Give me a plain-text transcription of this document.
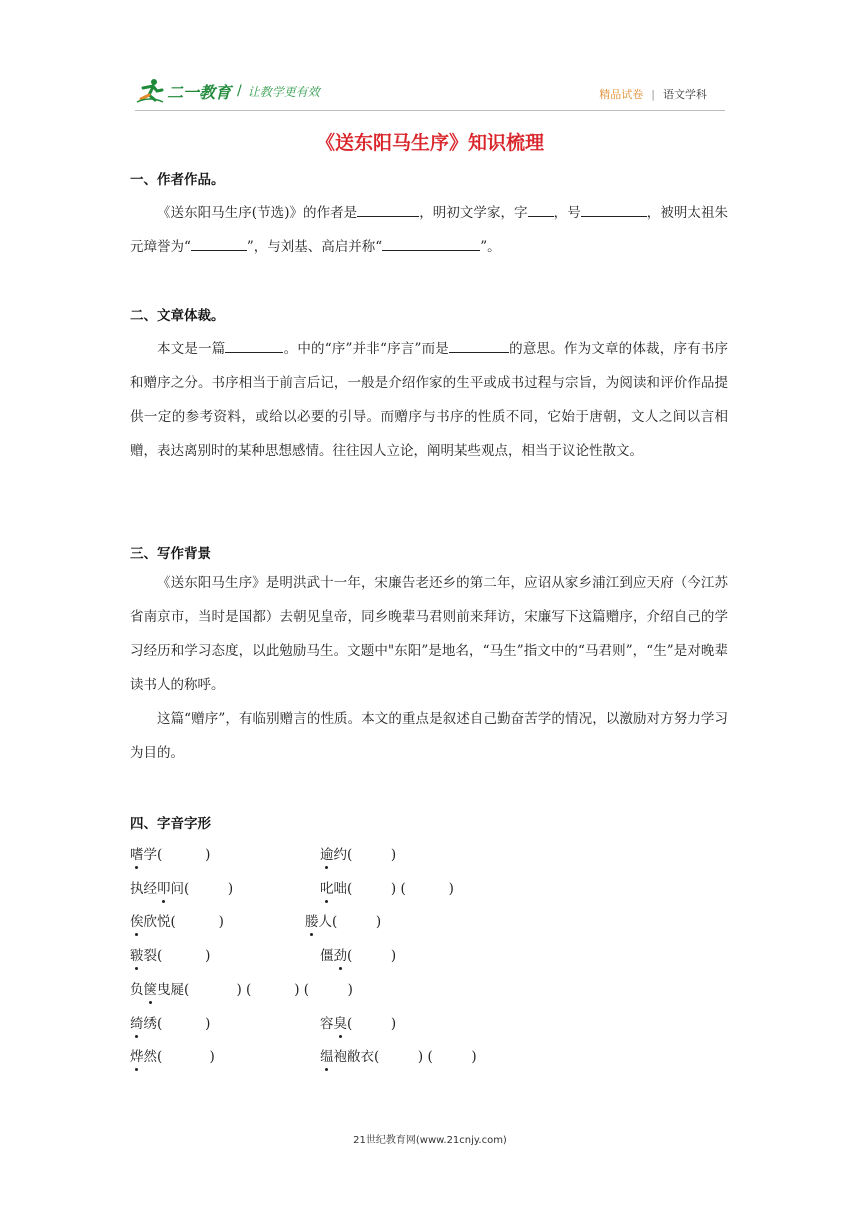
二一教育 / 让教学更有效	精品试卷 | 语文学科
《送东阳马生序》知识梳理
一、作者作品。
《送东阳马生序(节选)》的作者是	，明初文学家，字 ，号	，被明太祖朱元璋誉为“	”，与刘基、高启并称“	”。
二、文章体裁。
本文是一篇	。中的“序”并非“序言”而是	的意思。作为文章的体裁，序有书序和赠序之分。书序相当于前言后记，一般是介绍作家的生平或成书过程与宗旨，为阅读和评价作品提供一定的参考资料，或给以必要的引导。而赠序与书序的性质不同，它始于唐朝，文人之间以言相赠，表达离别时的某种思想感情。往往因人立论，阐明某些观点，相当于议论性散文。
三、写作背景
《送东阳马生序》是明洪武十一年，宋廉告老还乡的第二年，应诏从家乡浦江到应天府（今江苏省南京市，当时是国都）去朝见皇帝，同乡晚辈马君则前来拜访，宋廉写下这篇赠序，介绍自己的学习经历和学习态度，以此勉励马生。文题中"东阳”是地名，“马生”指文中的“马君则”，“生”是对晚辈读书人的称呼。
这篇“赠序”，有临别赠言的性质。本文的重点是叙述自己勤奋苦学的情况，以激励对方努力学习为目的。
四、字音字形
嗜学(          )	逾约(         )
执经叩问(         )	叱咄(         ) (          )
俟欣悦(          )	媵人(         )
皲裂(          )	僵劲(         )
负箧曳屣(           ) (          ) (         )
绮绣(          )	容臭(         )
烨然(           )	缊袍敝衣(         ) (         )
21世纪教育网(www.21cnjy.com)
